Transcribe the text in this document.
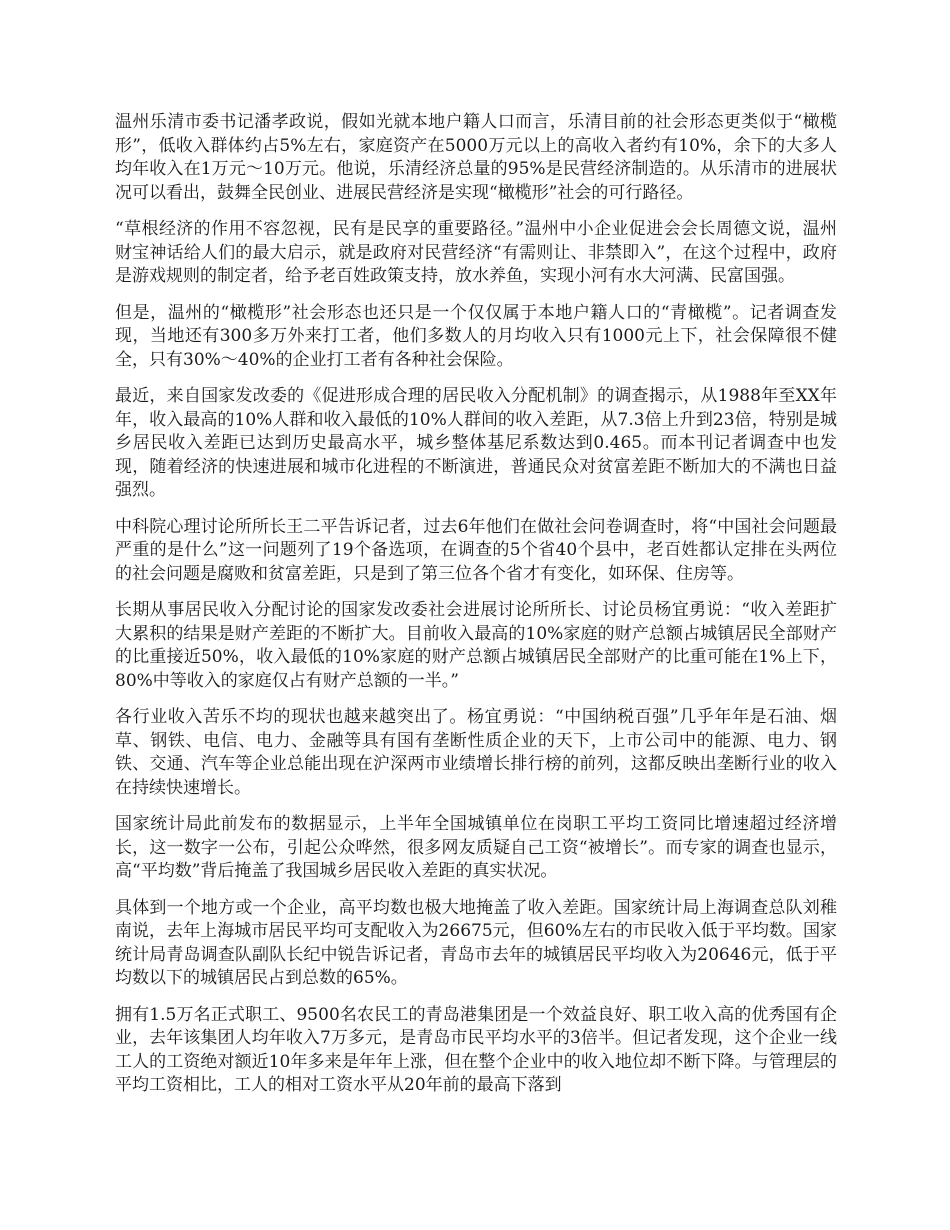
温州乐清市委书记潘孝政说，假如光就本地户籍人口而言，乐清目前的社会形态更类似于“橄榄形”，低收入群体约占5%左右，家庭资产在5000万元以上的高收入者约有10%，余下的大多人均年收入在1万元～10万元。他说，乐清经济总量的95%是民营经济制造的。从乐清市的进展状况可以看出，鼓舞全民创业、进展民营经济是实现“橄榄形”社会的可行路径。

“草根经济的作用不容忽视，民有是民享的重要路径。”温州中小企业促进会会长周德文说，温州财宝神话给人们的最大启示，就是政府对民营经济“有需则让、非禁即入”，在这个过程中，政府是游戏规则的制定者，给予老百姓政策支持，放水养鱼，实现小河有水大河满、民富国强。

但是，温州的“橄榄形”社会形态也还只是一个仅仅属于本地户籍人口的“青橄榄”。记者调查发现，当地还有300多万外来打工者，他们多数人的月均收入只有1000元上下，社会保障很不健全，只有30%～40%的企业打工者有各种社会保险。

最近，来自国家发改委的《促进形成合理的居民收入分配机制》的调查揭示，从1988年至XX年年，收入最高的10%人群和收入最低的10%人群间的收入差距，从7.3倍上升到23倍，特别是城乡居民收入差距已达到历史最高水平，城乡整体基尼系数达到0.465。而本刊记者调查中也发现，随着经济的快速进展和城市化进程的不断演进，普通民众对贫富差距不断加大的不满也日益强烈。

中科院心理讨论所所长王二平告诉记者，过去6年他们在做社会问卷调查时，将“中国社会问题最严重的是什么”这一问题列了19个备选项，在调查的5个省40个县中，老百姓都认定排在头两位的社会问题是腐败和贫富差距，只是到了第三位各个省才有变化，如环保、住房等。

长期从事居民收入分配讨论的国家发改委社会进展讨论所所长、讨论员杨宜勇说：“收入差距扩大累积的结果是财产差距的不断扩大。目前收入最高的10%家庭的财产总额占城镇居民全部财产的比重接近50%，收入最低的10%家庭的财产总额占城镇居民全部财产的比重可能在1%上下，80%中等收入的家庭仅占有财产总额的一半。”

各行业收入苦乐不均的现状也越来越突出了。杨宜勇说：“中国纳税百强”几乎年年是石油、烟草、钢铁、电信、电力、金融等具有国有垄断性质企业的天下，上市公司中的能源、电力、钢铁、交通、汽车等企业总能出现在沪深两市业绩增长排行榜的前列，这都反映出垄断行业的收入在持续快速增长。

国家统计局此前发布的数据显示，上半年全国城镇单位在岗职工平均工资同比增速超过经济增长，这一数字一公布，引起公众哗然，很多网友质疑自己工资“被增长”。而专家的调查也显示，高“平均数”背后掩盖了我国城乡居民收入差距的真实状况。

具体到一个地方或一个企业，高平均数也极大地掩盖了收入差距。国家统计局上海调查总队刘稚南说，去年上海城市居民平均可支配收入为26675元，但60%左右的市民收入低于平均数。国家统计局青岛调查队副队长纪中锐告诉记者，青岛市去年的城镇居民平均收入为20646元，低于平均数以下的城镇居民占到总数的65%。

拥有1.5万名正式职工、9500名农民工的青岛港集团是一个效益良好、职工收入高的优秀国有企业，去年该集团人均年收入7万多元，是青岛市民平均水平的3倍半。但记者发现，这个企业一线工人的工资绝对额近10年多来是年年上涨，但在整个企业中的收入地位却不断下降。与管理层的平均工资相比，工人的相对工资水平从20年前的最高下落到
